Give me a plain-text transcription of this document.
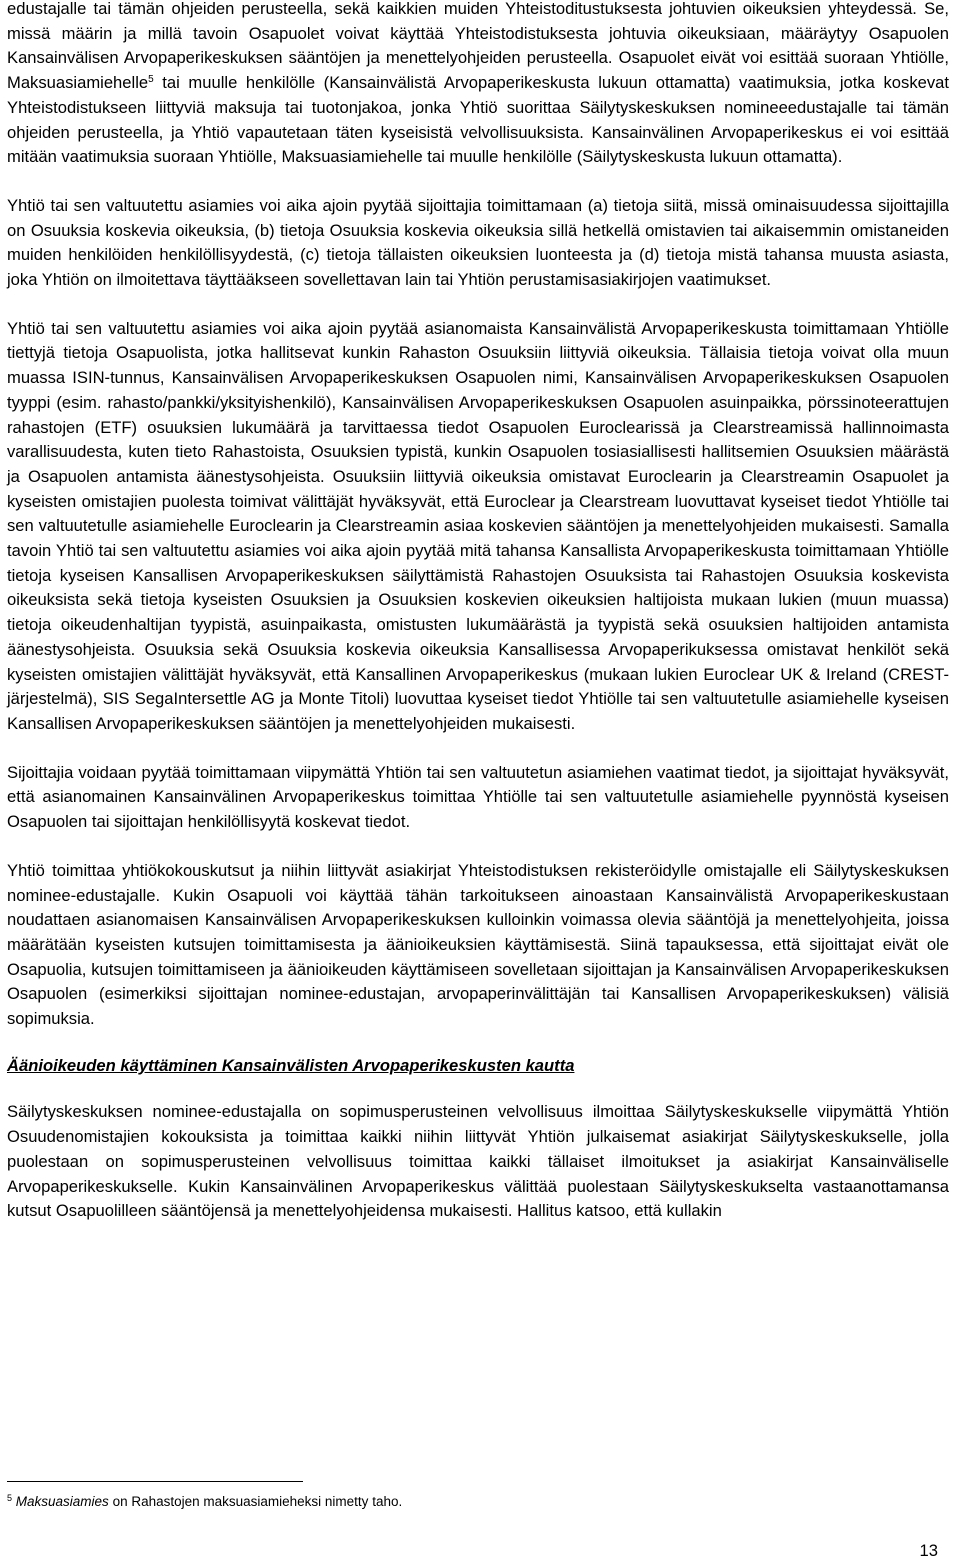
edustajalle tai tämän ohjeiden perusteella, sekä kaikkien muiden Yhteistoditustuksesta johtuvien oikeuksien yhteydessä. Se, missä määrin ja millä tavoin Osapuolet voivat käyttää Yhteistodistuksesta johtuvia oikeuksiaan, määräytyy Osapuolen Kansainvälisen Arvopaperikeskuksen sääntöjen ja menettelyohjeiden perusteella. Osapuolet eivät voi esittää suoraan Yhtiölle, Maksuasiamiehelle$^5$ tai muulle henkilölle (Kansainvälistä Arvopaperikeskusta lukuun ottamatta) vaatimuksia, jotka koskevat Yhteistodistukseen liittyviä maksuja tai tuotonjakoa, jonka Yhtiö suorittaa Säilytyskeskuksen nomineeedustajalle tai tämän ohjeiden perusteella, ja Yhtiö vapautetaan täten kyseisistä velvollisuuksista. Kansainvälinen Arvopaperikeskus ei voi esittää mitään vaatimuksia suoraan Yhtiölle, Maksuasiamiehelle tai muulle henkilölle (Säilytyskeskusta lukuun ottamatta).

Yhtiö tai sen valtuutettu asiamies voi aika ajoin pyytää sijoittajia toimittamaan (a) tietoja siitä, missä ominaisuudessa sijoittajilla on Osuuksia koskevia oikeuksia, (b) tietoja Osuuksia koskevia oikeuksia sillä hetkellä omistavien tai aikaisemmin omistaneiden muiden henkilöiden henkilöllisyydestä, (c) tietoja tällaisten oikeuksien luonteesta ja (d) tietoja mistä tahansa muusta asiasta, joka Yhtiön on ilmoitettava täyttääkseen sovellettavan lain tai Yhtiön perustamisasiakirjojen vaatimukset.

Yhtiö tai sen valtuutettu asiamies voi aika ajoin pyytää asianomaista Kansainvälistä Arvopaperikeskusta toimittamaan Yhtiölle tiettyjä tietoja Osapuolista, jotka hallitsevat kunkin Rahaston Osuuksiin liittyviä oikeuksia. Tällaisia tietoja voivat olla muun muassa ISIN-tunnus, Kansainvälisen Arvopaperikeskuksen Osapuolen nimi, Kansainvälisen Arvopaperikeskuksen Osapuolen tyyppi (esim. rahasto/pankki/yksityishenkilö), Kansainvälisen Arvopaperikeskuksen Osapuolen asuinpaikka, pörssinoteerattujen rahastojen (ETF) osuuksien lukumäärä ja tarvittaessa tiedot Osapuolen Euroclearissä ja Clearstreamissä hallinnoimasta varallisuudesta, kuten tieto Rahastoista, Osuuksien typistä, kunkin Osapuolen tosiasiallisesti hallitsemien Osuuksien määrästä ja Osapuolen antamista äänestysohjeista. Osuuksiin liittyviä oikeuksia omistavat Euroclearin ja Clearstreamin Osapuolet ja kyseisten omistajien puolesta toimivat välittäjät hyväksyvät, että Euroclear ja Clearstream luovuttavat kyseiset tiedot Yhtiölle tai sen valtuutetulle asiamiehelle Euroclearin ja Clearstreamin asiaa koskevien sääntöjen ja menettelyohjeiden mukaisesti. Samalla tavoin Yhtiö tai sen valtuutettu asiamies voi aika ajoin pyytää mitä tahansa Kansallista Arvopaperikeskusta toimittamaan Yhtiölle tietoja kyseisen Kansallisen Arvopaperikeskuksen säilyttämistä Rahastojen Osuuksista tai Rahastojen Osuuksia koskevista oikeuksista sekä tietoja kyseisten Osuuksien ja Osuuksien koskevien oikeuksien haltijoista mukaan lukien (muun muassa) tietoja oikeudenhaltijan tyypistä, asuinpaikasta, omistusten lukumäärästä ja tyypistä sekä osuuksien haltijoiden antamista äänestysohjeista. Osuuksia sekä Osuuksia koskevia oikeuksia Kansallisessa Arvopaperikuksessa omistavat henkilöt sekä kyseisten omistajien välittäjät hyväksyvät, että Kansallinen Arvopaperikeskus (mukaan lukien Euroclear UK & Ireland (CREST-järjestelmä), SIS SegaIntersettle AG ja Monte Titoli) luovuttaa kyseiset tiedot Yhtiölle tai sen valtuutetulle asiamiehelle kyseisen Kansallisen Arvopaperikeskuksen sääntöjen ja menettelyohjeiden mukaisesti.

Sijoittajia voidaan pyytää toimittamaan viipymättä Yhtiön tai sen valtuutetun asiamiehen vaatimat tiedot, ja sijoittajat hyväksyvät, että asianomainen Kansainvälinen Arvopaperikeskus toimittaa Yhtiölle tai sen valtuutetulle asiamiehelle pyynnöstä kyseisen Osapuolen tai sijoittajan henkilöllisyytä koskevat tiedot.

Yhtiö toimittaa yhtiökokouskutsut ja niihin liittyvät asiakirjat Yhteistodistuksen rekisteröidylle omistajalle eli Säilytyskeskuksen nominee-edustajalle. Kukin Osapuoli voi käyttää tähän tarkoitukseen ainoastaan Kansainvälistä Arvopaperikeskustaan noudattaen asianomaisen Kansainvälisen Arvopaperikeskuksen kulloinkin voimassa olevia sääntöjä ja menettelyohjeita, joissa määrätään kyseisten kutsujen toimittamisesta ja äänioikeuksien käyttämisestä. Siinä tapauksessa, että sijoittajat eivät ole Osapuolia, kutsujen toimittamiseen ja äänioikeuden käyttämiseen sovelletaan sijoittajan ja Kansainvälisen Arvopaperikeskuksen Osapuolen (esimerkiksi sijoittajan nominee-edustajan, arvopaperinvälittäjän tai Kansallisen Arvopaperikeskuksen) välisiä sopimuksia.

Äänioikeuden käyttäminen Kansainvälisten Arvopaperikeskusten kautta

Säilytyskeskuksen nominee-edustajalla on sopimusperusteinen velvollisuus ilmoittaa Säilytyskeskukselle viipymättä Yhtiön Osuudenomistajien kokouksista ja toimittaa kaikki niihin liittyvät Yhtiön julkaisemat asiakirjat Säilytyskeskukselle, jolla puolestaan on sopimusperusteinen velvollisuus toimittaa kaikki tällaiset ilmoitukset ja asiakirjat Kansainväliselle Arvopaperikeskukselle. Kukin Kansainvälinen Arvopaperikeskus välittää puolestaan Säilytyskeskukselta vastaanottamansa kutsut Osapuolilleen sääntöjensä ja menettelyohjeidensa mukaisesti. Hallitus katsoo, että kullakin

$^5$ Maksuasiamies on Rahastojen maksuasiamieheksi nimetty taho.
13
